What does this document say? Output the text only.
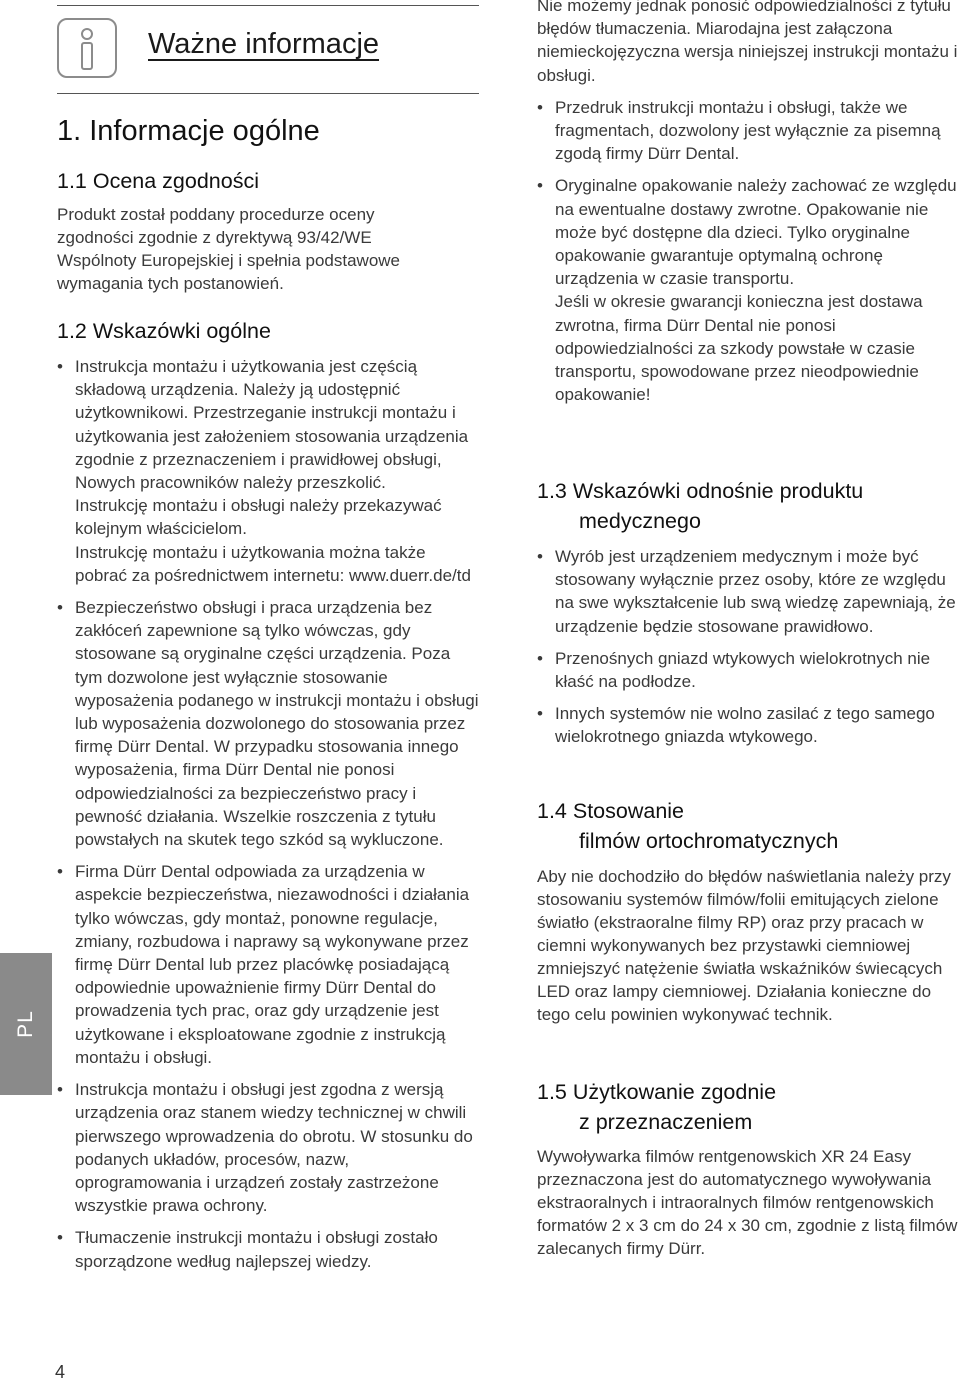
Ważne informacje
1. Informacje ogólne
1.1 Ocena zgodności

Produkt został poddany procedurze oceny zgodności zgodnie z dyrektywą 93/42/WE Wspólnoty Europejskiej i spełnia podstawowe wymagania tych postanowień.

1.2 Wskazówki ogólne
• Instrukcja montażu i użytkowania jest częścią składową urządzenia. Należy ją udostępnić użytkownikowi. Przestrzeganie instrukcji montażu i użytkowania jest założeniem stosowania urządzenia zgodnie z przeznaczeniem i prawidłowej obsługi, Nowych pracowników należy przeszkolić.
Instrukcję montażu i obsługi należy przekazywać kolejnym właścicielom.
Instrukcję montażu i użytkowania można także pobrać za pośrednictwem internetu: www.duerr.de/td
• Bezpieczeństwo obsługi i praca urządzenia bez zakłóceń zapewnione są tylko wówczas, gdy stosowane są oryginalne części urządzenia. Poza tym dozwolone jest wyłącznie stosowanie wyposażenia podanego w instrukcji montażu i obsługi lub wyposażenia dozwolonego do stosowania przez firmę Dürr Dental. W przypadku stosowania innego wyposażenia, firma Dürr Dental nie ponosi odpowiedzialności za bezpieczeństwo pracy i pewność działania. Wszelkie roszczenia z tytułu powstałych na skutek tego szkód są wykluczone.
• Firma Dürr Dental odpowiada za urządzenia w aspekcie bezpieczeństwa, niezawodności i działania tylko wówczas, gdy montaż, ponowne regulacje, zmiany, rozbudowa i naprawy są wykonywane przez firmę Dürr Dental lub przez placówkę posiadającą odpowiednie upoważnienie firmy Dürr Dental do prowadzenia tych prac, oraz gdy urządzenie jest użytkowane i eksploatowane zgodnie z instrukcją montażu i obsługi.
• Instrukcja montażu i obsługi jest zgodna z wersją urządzenia oraz stanem wiedzy technicznej w chwili pierwszego wprowadzenia do obrotu. W stosunku do podanych układów, procesów, nazw, oprogramowania i urządzeń zostały zastrzeżone wszystkie prawa ochrony.
• Tłumaczenie instrukcji montażu i obsługi zostało sporządzone według najlepszej wiedzy.
Nie możemy jednak ponosić odpowiedzialności z tytułu błędów tłumaczenia. Miarodajna jest załączona niemieckojęzyczna wersja niniejszej instrukcji montażu i obsługi.
• Przedruk instrukcji montażu i obsługi, także we fragmentach, dozwolony jest wyłącznie za pisemną zgodą firmy Dürr Dental.
• Oryginalne opakowanie należy zachować ze względu na ewentualne dostawy zwrotne. Opakowanie nie może być dostępne dla dzieci. Tylko oryginalne opakowanie gwarantuje optymalną ochronę urządzenia w czasie transportu.
Jeśli w okresie gwarancji konieczna jest dostawa zwrotna, firma Dürr Dental nie ponosi odpowiedzialności za szkody powstałe w czasie transportu, spowodowane przez nieodpowiednie opakowanie!
1.3 Wskazówki odnośnie produktu
medycznego
• Wyrób jest urządzeniem medycznym i może być stosowany wyłącznie przez osoby, które ze względu na swe wykształcenie lub swą wiedzę zapewniają, że urządzenie będzie stosowane prawidłowo.
• Przenośnych gniazd wtykowych wielokrotnych nie kłaść na podłodze.
• Innych systemów nie wolno zasilać z tego samego wielokrotnego gniazda wtykowego.
1.4 Stosowanie
filmów ortochromatycznych

Aby nie dochodziło do błędów naświetlania należy przy stosowaniu systemów filmów/folii emitujących zielone światło (ekstraoralne filmy RP) oraz przy pracach w ciemni wykonywanych bez przystawki ciemniowej zmniejszyć natężenie światła wskaźników świecących LED oraz lampy ciemniowej. Działania konieczne do tego celu powinien wykonywać technik.

1.5 Użytkowanie zgodnie
z przeznaczeniem

Wywoływarka filmów rentgenowskich XR 24 Easy przeznaczona jest do automatycznego wywoływania ekstraoralnych i intraoralnych filmów rentgenowskich formatów 2 x 3 cm do 24 x 30 cm, zgodnie z listą filmów zalecanych firmy Dürr.

PL
4
